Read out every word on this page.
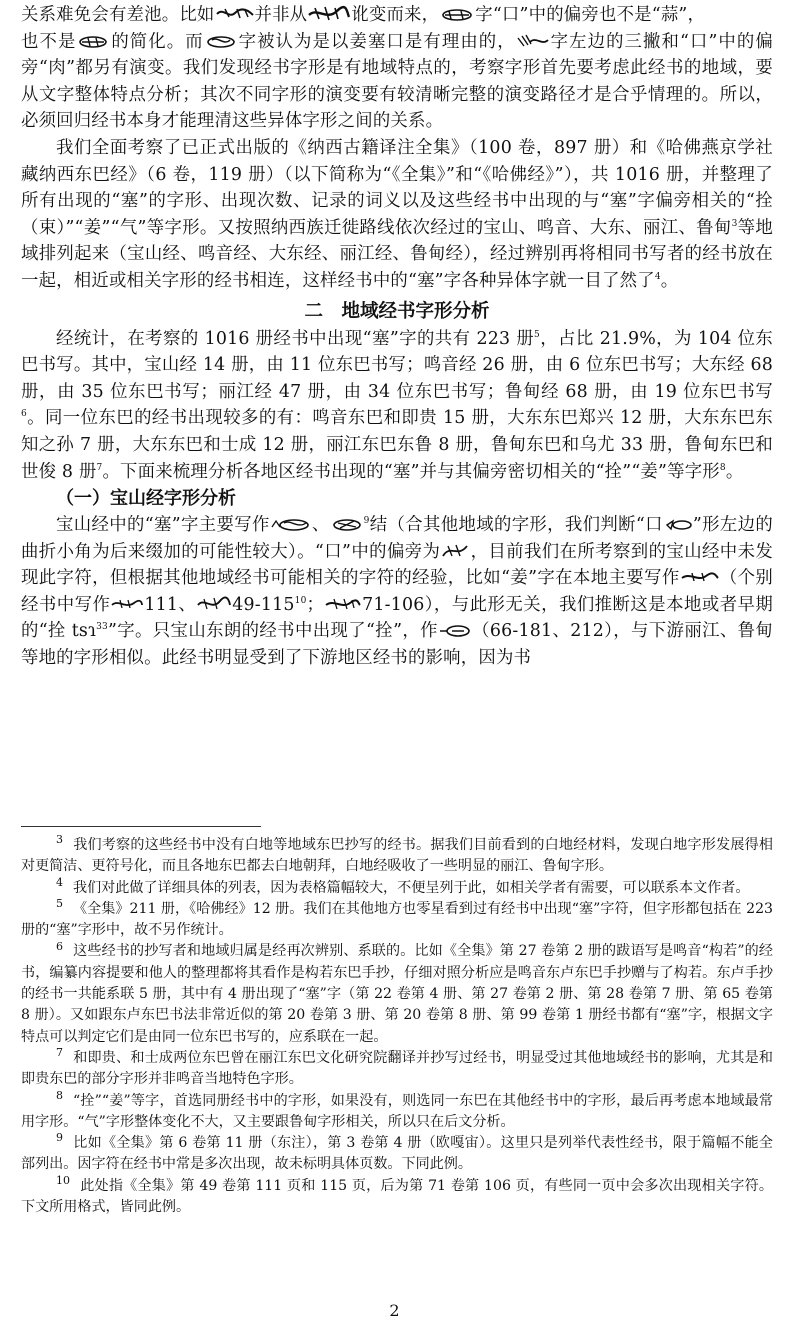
关系难免会有差池。比如 并非从	讹变而来， 字“口”中的偏旁也不是“蒜”，
也不是 的简化。而 字被认为是以姜塞口是有理由的， 字左边的三撇和“口”中的偏旁“肉”都另有演变。我们发现经书字形是有地域特点的，考察字形首先要考虑此经书的地域，要从文字整体特点分析；其次不同字形的演变要有较清晰完整的演变路径才是合乎情理的。所以，必须回归经书本身才能理清这些异体字形之间的关系。

我们全面考察了已正式出版的《纳西古籍译注全集》（100 卷，897 册）和《哈佛燕京学社藏纳西东巴经》（6 卷，119 册）（以下简称为“《全集》”和“《哈佛经》”），共 1016 册，并整理了所有出现的“塞”的字形、出现次数、记录的词义以及这些经书中出现的与“塞”字偏旁相关的“拴（束）”“姜”“气”等字形。又按照纳西族迁徙路线依次经过的宝山、鸣音、大东、丽江、鲁甸$^3$等地域排列起来（宝山经、鸣音经、大东经、丽江经、鲁甸经），经过辨别再将相同书写者的经书放在一起，相近或相关字形的经书相连，这样经书中的“塞”字各种异体字就一目了然了$^4$。

二　地域经书字形分析

经统计，在考察的 1016 册经书中出现“塞”字的共有 223 册$^5$，占比 21.9%，为 104 位东巴书写。其中，宝山经 14 册，由 11 位东巴书写；鸣音经 26 册，由 6 位东巴书写；大东经 68 册，由 35 位东巴书写；丽江经 47 册，由 34 位东巴书写；鲁甸经 68 册，由 19 位东巴书写$^6$。同一位东巴的经书出现较多的有：鸣音东巴和即贵 15 册，大东东巴郑兴 12 册，大东东巴东知之孙 7 册，大东东巴和士成 12 册，丽江东巴东鲁 8 册，鲁甸东巴和乌尤 33 册，鲁甸东巴和世俊 8 册$^7$。下面来梳理分析各地区经书出现的“塞”并与其偏旁密切相关的“拴”“姜”等字形$^8$。

（一）宝山经字形分析

宝山经中的“塞”字主要写作 、	$^9$结（合其他地域的字形，我们判断“口 ”形左边的曲折小角为后来缀加的可能性较大）。“口”中的偏旁为 ，目前我们在所考察到的宝山经中未发现此字符，但根据其他地域经书可能相关的字符的经验，比如“姜”字在本地主要写作 （个别经书中写作 111、 $49-115^{10}$； 71-106），与此形无关，我们推断这是本地或者早期的“拴 tsɿ$^{33}$”字。只宝山东朗的经书中出现了“拴”，作 （66-181、212），与下游丽江、鲁甸等地的字形相似。此经书明显受到了下游地区经书的影响，因为书

$^3$ 我们考察的这些经书中没有白地等地域东巴抄写的经书。据我们目前看到的白地经材料，发现白地字形发展得相对更简洁、更符号化，而且各地东巴都去白地朝拜，白地经吸收了一些明显的丽江、鲁甸字形。

$^4$ 我们对此做了详细具体的列表，因为表格篇幅较大，不便呈列于此，如相关学者有需要，可以联系本文作者。

$^5$ 《全集》211 册，《哈佛经》12 册。我们在其他地方也零星看到过有经书中出现“塞”字符，但字形都包括在 223 册的“塞”字形中，故不另作统计。

$^6$ 这些经书的抄写者和地域归属是经再次辨别、系联的。比如《全集》第 27 卷第 2 册的跋语写是鸣音“构若”的经书，编纂内容提要和他人的整理都将其看作是构若东巴手抄，仔细对照分析应是鸣音东卢东巴手抄赠与了构若。东卢手抄的经书一共能系联 5 册，其中有 4 册出现了“塞”字（第 22 卷第 4 册、第 27 卷第 2 册、第 28 卷第 7 册、第 65 卷第 8 册）。又如跟东卢东巴书法非常近似的第 20 卷第 3 册、第 20 卷第 8 册、第 99 卷第 1 册经书都有“塞”字，根据文字特点可以判定它们是由同一位东巴书写的，应系联在一起。

$^7$ 和即贵、和士成两位东巴曾在丽江东巴文化研究院翻译并抄写过经书，明显受过其他地域经书的影响，尤其是和即贵东巴的部分字形并非鸣音当地特色字形。

$^8$ “拴”“姜”等字，首选同册经书中的字形，如果没有，则选同一东巴在其他经书中的字形，最后再考虑本地域最常用字形。“气”字形整体变化不大，又主要跟鲁甸字形相关，所以只在后文分析。

$^9$ 比如《全集》第 6 卷第 11 册（东注），第 3 卷第 4 册（欧嘎宙）。这里只是列举代表性经书，限于篇幅不能全部列出。因字符在经书中常是多次出现，故未标明具体页数。下同此例。

$^{10}$ 此处指《全集》第 49 卷第 111 页和 115 页，后为第 71 卷第 106 页，有些同一页中会多次出现相关字符。下文所用格式，皆同此例。

2
